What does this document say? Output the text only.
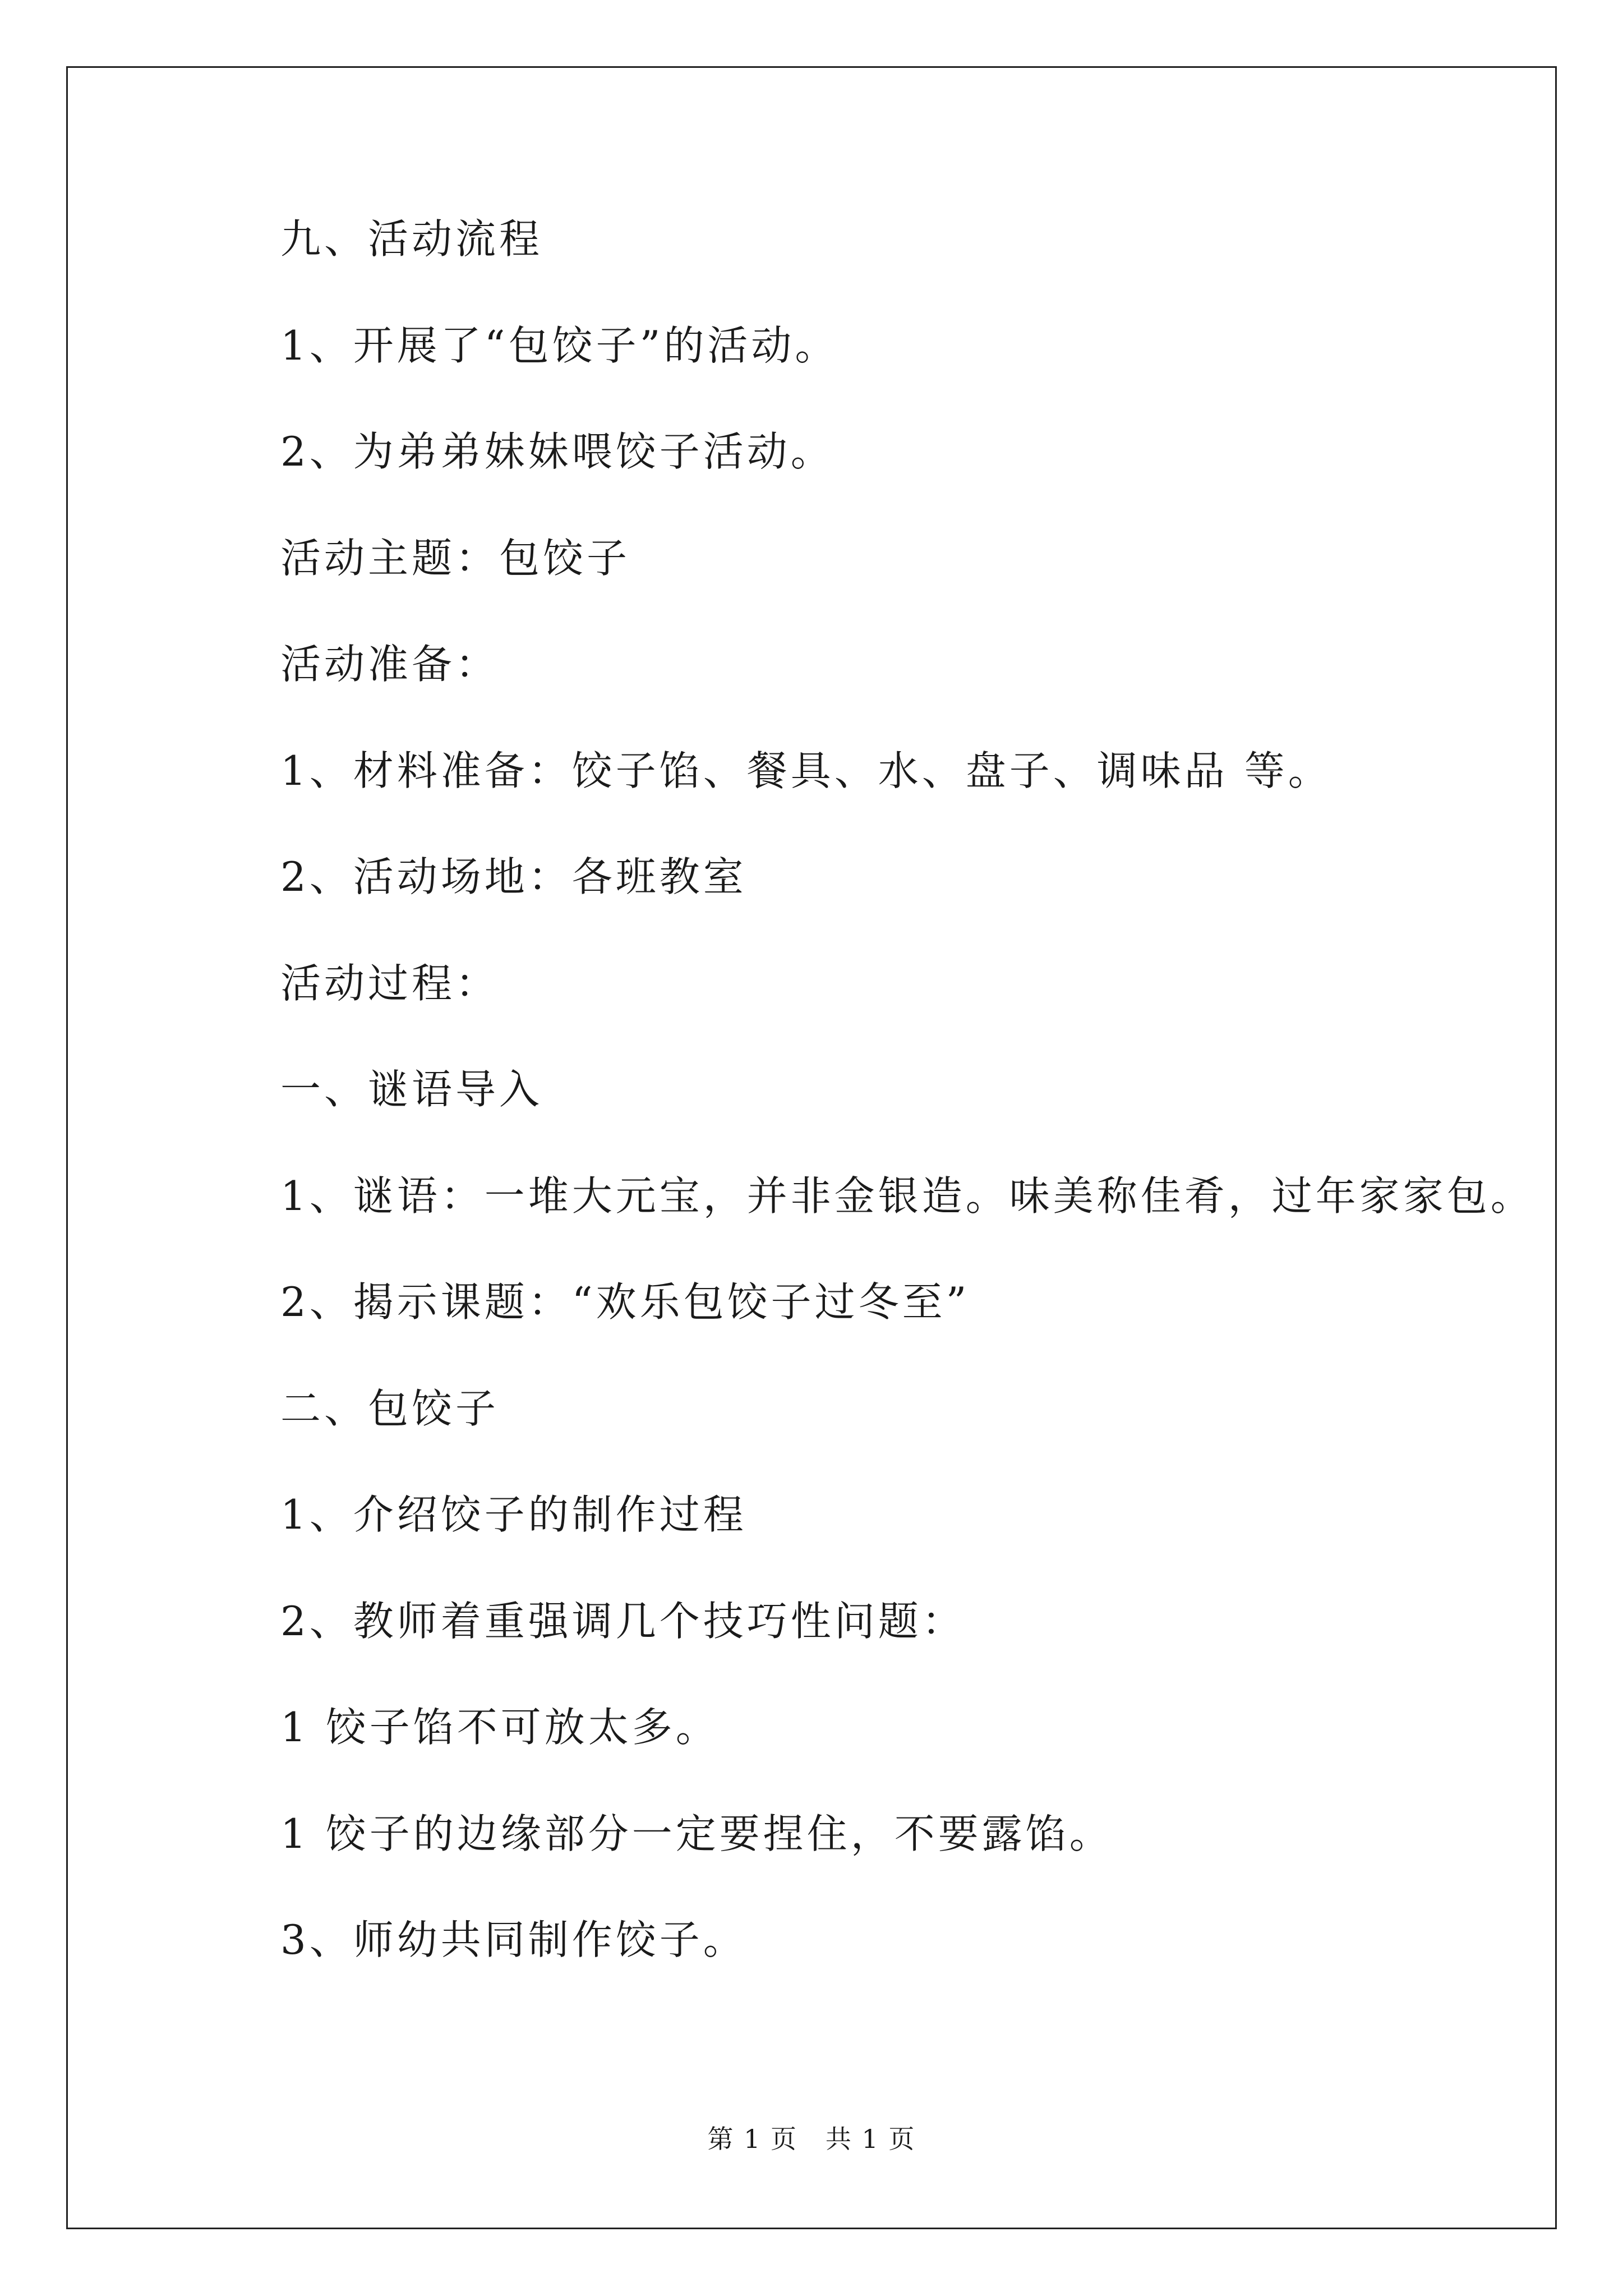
九、活动流程
1、开展了“包饺子”的活动。
2、为弟弟妹妹喂饺子活动。
活动主题：包饺子
活动准备：
1、材料准备：饺子馅、餐具、水、盘子、调味品 等。
2、活动场地：各班教室
活动过程：
一、谜语导入
1、谜语：一堆大元宝，并非金银造。味美称佳肴，过年家家包。
2、揭示课题：“欢乐包饺子过冬至”
二、包饺子
1、介绍饺子的制作过程
2、教师着重强调几个技巧性问题：
1 饺子馅不可放太多。
1 饺子的边缘部分一定要捏住，不要露馅。
3、师幼共同制作饺子。
第 1 页   共 1 页
